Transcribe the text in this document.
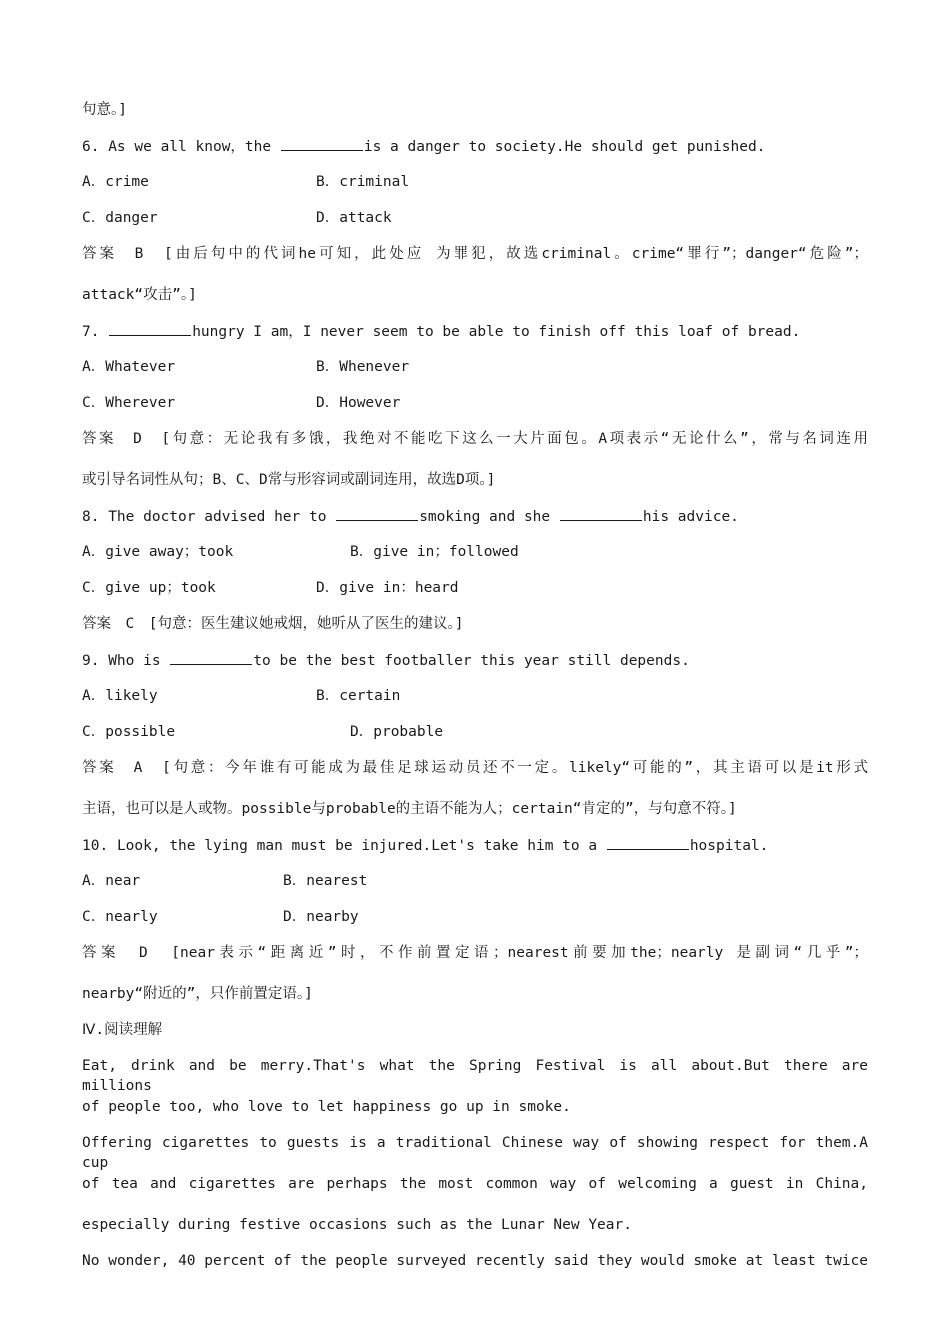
句意。]
6. As we all know，the	is a danger to society.He should get punished.
A．crime	B．criminal
C．danger	D．attack
答案　B　[由后句中的代词he可知，此处应 为罪犯，故选criminal。crime“罪行”；danger“危险”；
attack“攻击”。]
7.	hungry I am，I never seem to be able to finish off this loaf of bread.
A．Whatever	B．Whenever
C．Wherever	D．However
答案　D　[句意：无论我有多饿，我绝对不能吃下这么一大片面包。A项表示“无论什么”，常与名词连用
或引导名词性从句；B、C、D常与形容词或副词连用，故选D项。]
8. The doctor advised her to	smoking and she	his advice.
A．give away；took	B．give in；followed
C．give up；took	D．give in：heard
答案　C　[句意：医生建议她戒烟，她听从了医生的建议。]
9. Who is	to be the best footballer this year still depends.
A．likely	B．certain
C．possible	D．probable
答案　A　[句意：今年谁有可能成为最佳足球运动员还不一定。likely“可能的”，其主语可以是it形式
主语，也可以是人或物。possible与probable的主语不能为人；certain“肯定的”，与句意不符。]
10. Look, the lying man must be injured.Let's take him to a	hospital.
A．near	B．nearest
C．nearly	D．nearby
答案　D　[near表示“距离近”时，不作前置定语；nearest前要加the；nearly 是副词“几乎”；
nearby“附近的”，只作前置定语。]
Ⅳ.阅读理解
Eat, drink and be merry.That's what the Spring Festival is all about.But there are millions
of people too, who love to let happiness go up in smoke.
Offering cigarettes to guests is a traditional Chinese way of showing respect for them.A cup
of tea and cigarettes are perhaps the most common way of welcoming a guest in China,
especially during festive occasions such as the Lunar New Year.
No wonder, 40 percent of the people surveyed recently said they would smoke at least twice
